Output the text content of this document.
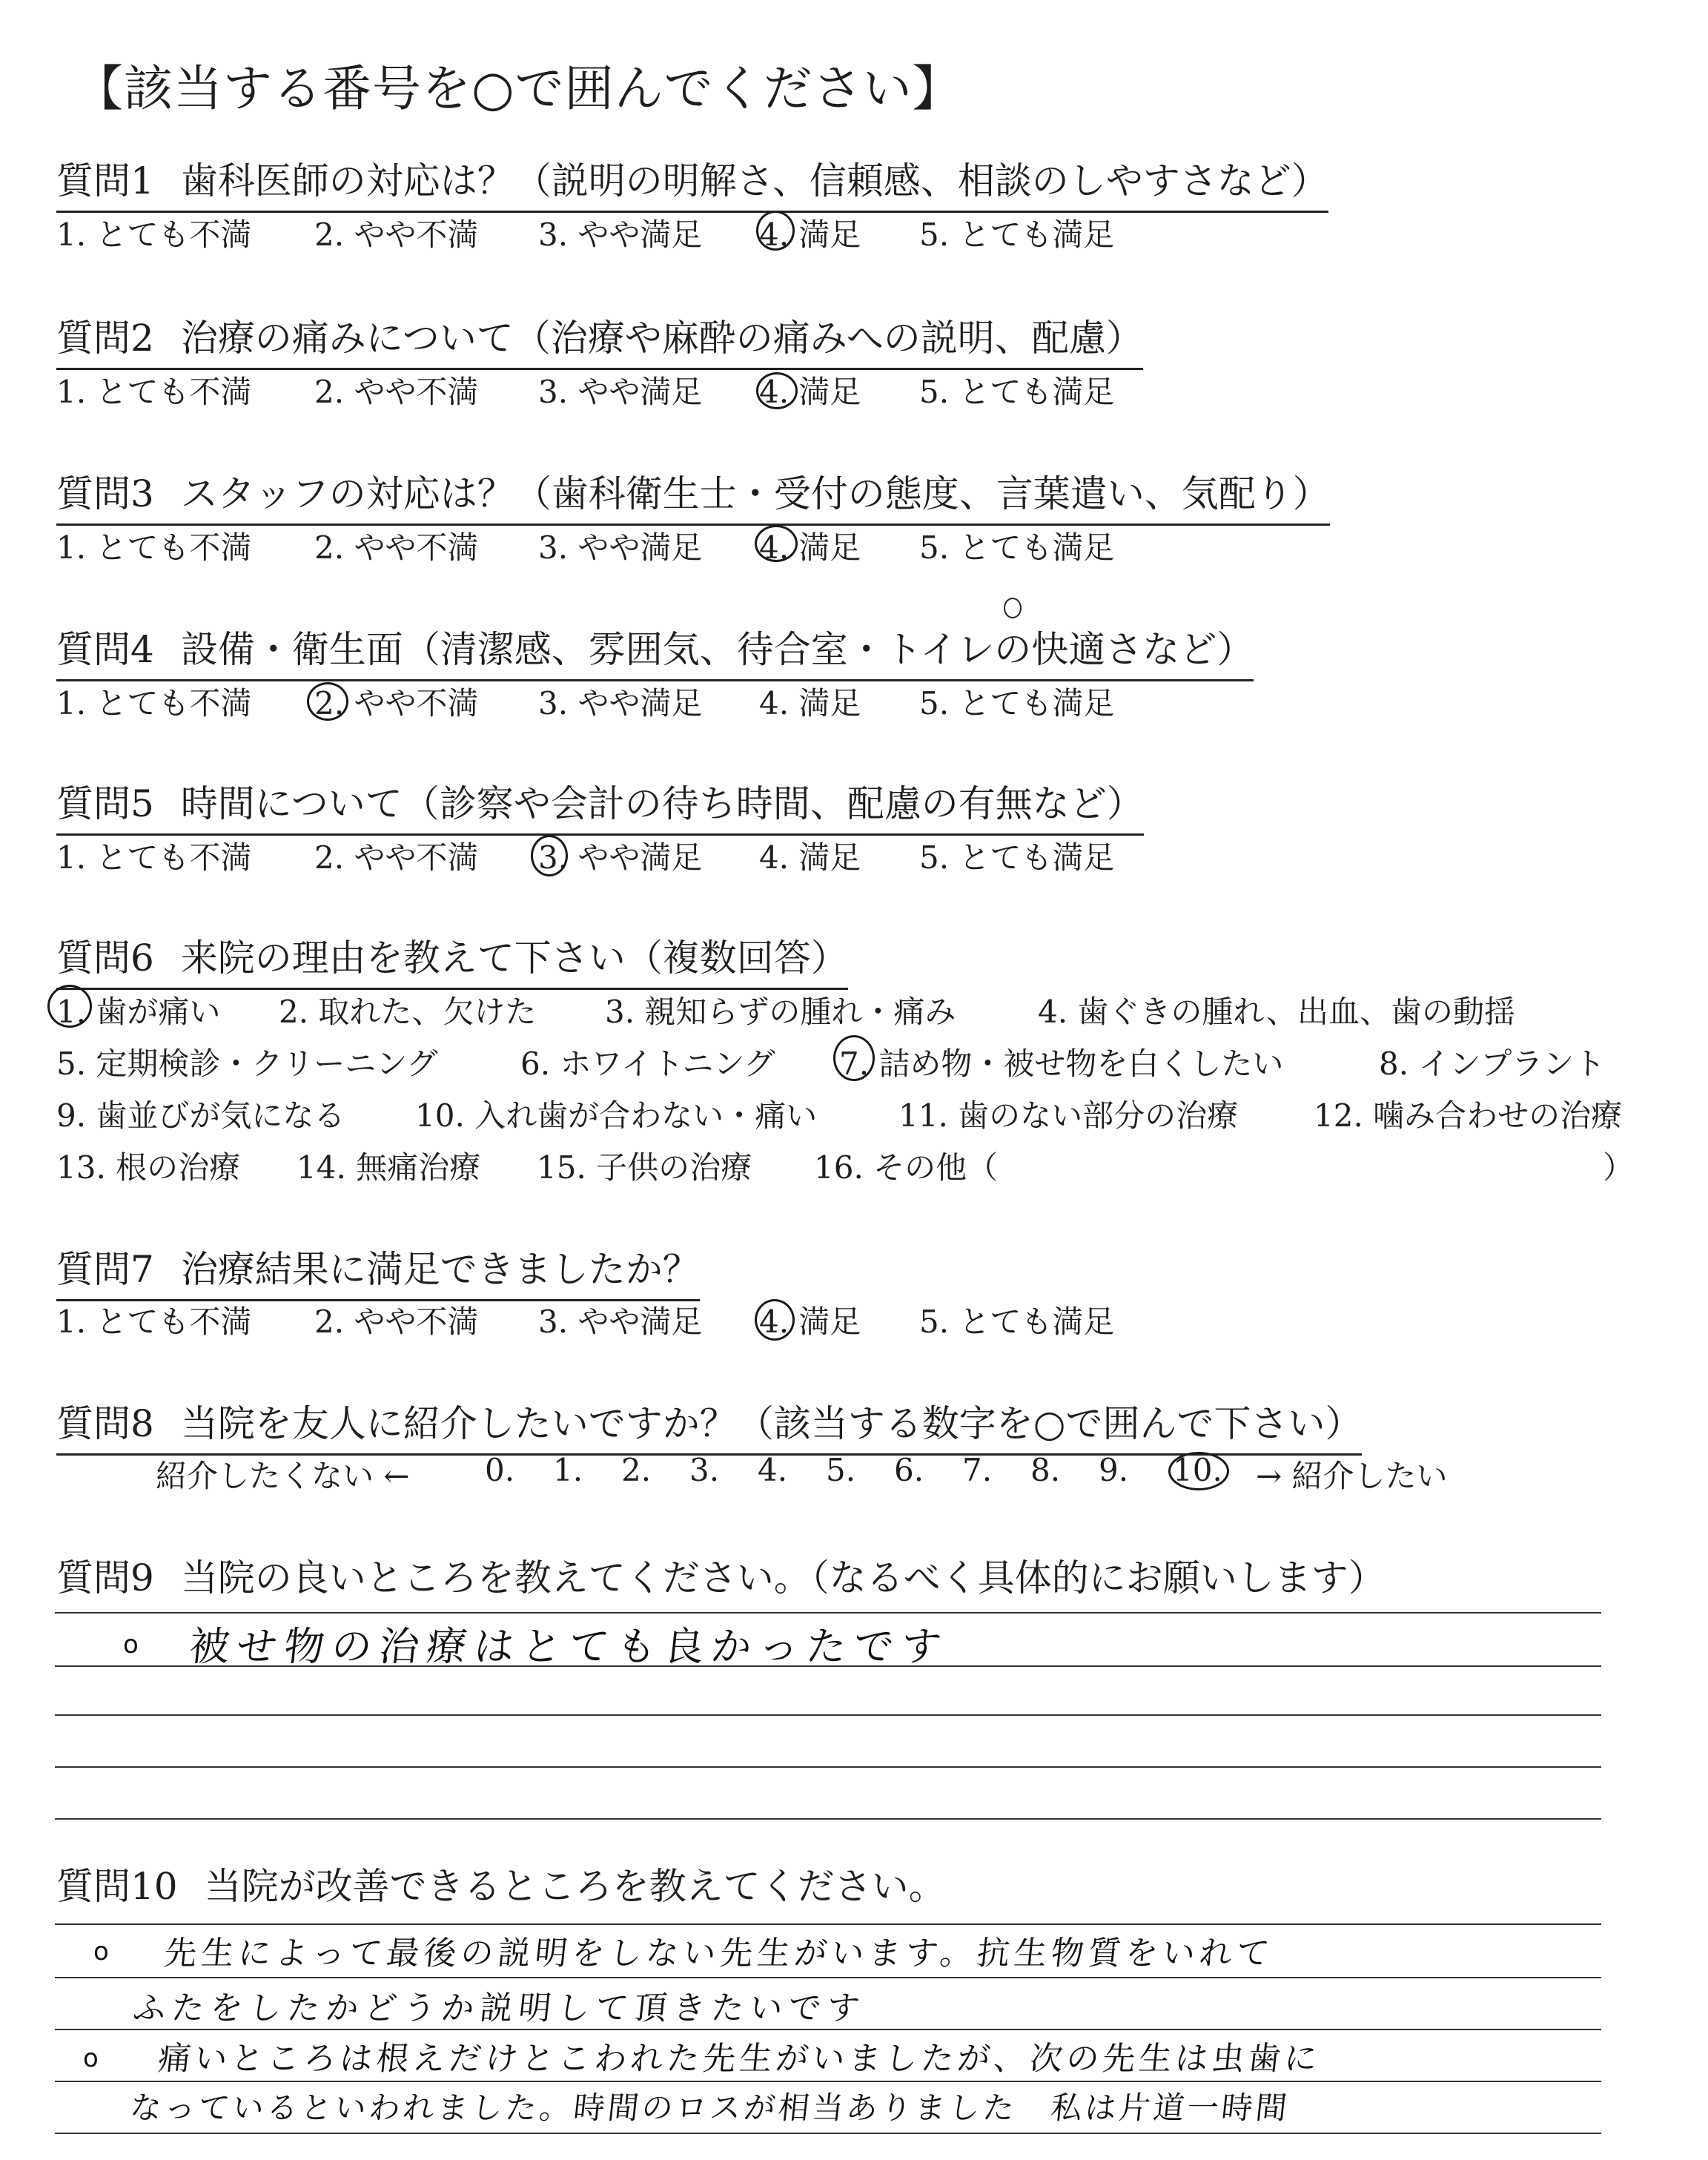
【該当する番号を○で囲んでください】
質問1 歯科医師の対応は？（説明の明解さ、信頼感、相談のしやすさなど）
1. とても不満 2. やや不満 3. やや満足 4. 満足 5. とても満足
質問2 治療の痛みについて（治療や麻酔の痛みへの説明、配慮）
1. とても不満 2. やや不満 3. やや満足 4. 満足 5. とても満足
質問3 スタッフの対応は？（歯科衛生士・受付の態度、言葉遣い、気配り）
1. とても不満 2. やや不満 3. やや満足 4. 満足 5. とても満足
質問4 設備・衛生面（清潔感、雰囲気、待合室・トイレの快適さなど）
1. とても不満 2. やや不満 3. やや満足 4. 満足 5. とても満足
質問5 時間について（診察や会計の待ち時間、配慮の有無など）
1. とても不満 2. やや不満 3. やや満足 4. 満足 5. とても満足
質問6 来院の理由を教えて下さい（複数回答）
1. 歯が痛い 2. 取れた、欠けた 3. 親知らずの腫れ・痛み	4. 歯ぐきの腫れ、出血、歯の動揺
5. 定期検診・クリーニング	6. ホワイトニング 7. 詰め物・被せ物を白くしたい	8. インプラント
9. 歯並びが気になる 10. 入れ歯が合わない・痛い	11. 歯のない部分の治療 12. 噛み合わせの治療
13. 根の治療 14. 無痛治療 15. 子供の治療 16. その他（	）
質問7 治療結果に満足できましたか？
1. とても不満 2. やや不満 3. やや満足 4. 満足 5. とても満足
質問8 当院を友人に紹介したいですか？（該当する数字を○で囲んで下さい）
紹介したくない ← 0. 1. 2. 3. 4. 5. 6. 7. 8. 9. 10. → 紹介したい
質問9 当院の良いところを教えてください。（なるべく具体的にお願いします）
o 被せ物の治療はとても良かったです
質問10 当院が改善できるところを教えてください。
o
o
先生によって最後の説明をしない先生がいます。抗生物質をいれて
ふたをしたかどうか説明して頂きたいです
痛いところは根えだけとこわれた先生がいましたが、次の先生は虫歯に
なっているといわれました。時間のロスが相当ありました　私は片道一時間
